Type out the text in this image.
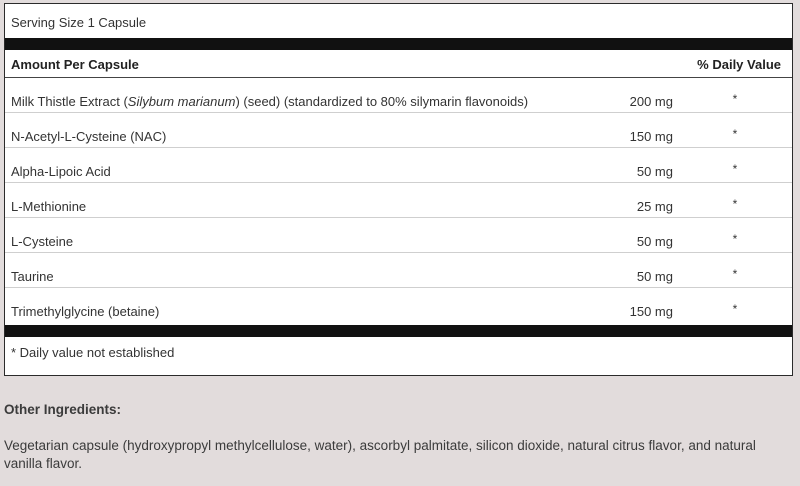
Serving Size 1 Capsule
Amount Per Capsule	% Daily Value
Milk Thistle Extract (Silybum marianum) (seed) (standardized to 80% silymarin flavonoids)	200 mg	*
N-Acetyl-L-Cysteine (NAC)	150 mg	*
Alpha-Lipoic Acid	50 mg	*
L-Methionine	25 mg	*
L-Cysteine	50 mg	*
Taurine	50 mg	*
Trimethylglycine (betaine)	150 mg	*
* Daily value not established
Other Ingredients:
Vegetarian capsule (hydroxypropyl methylcellulose, water), ascorbyl palmitate, silicon dioxide, natural citrus flavor, and natural vanilla flavor.
